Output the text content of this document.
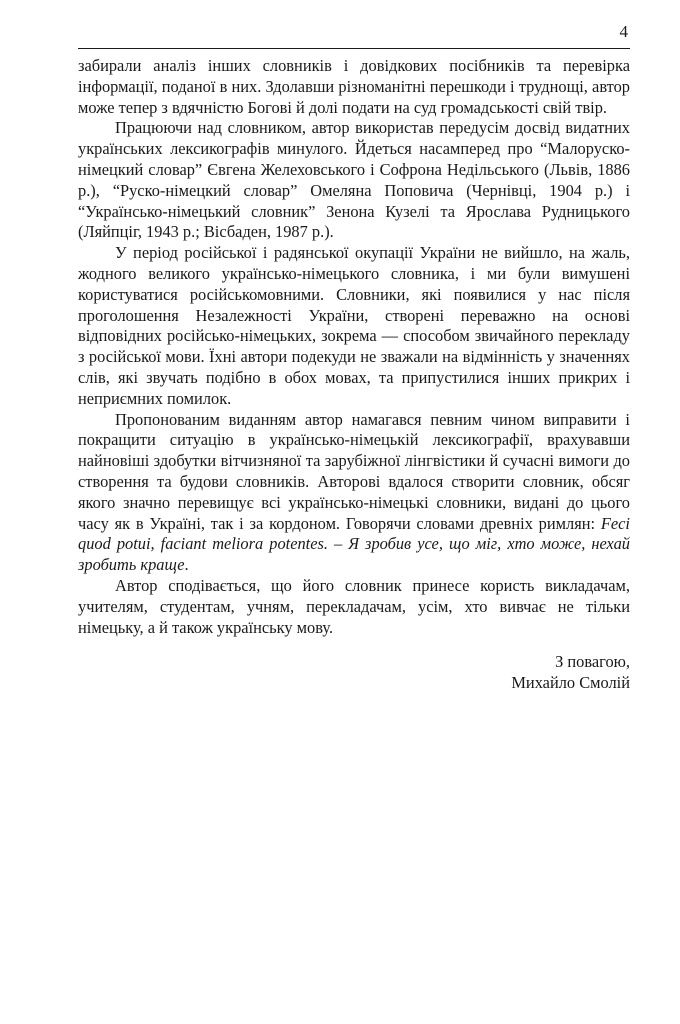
4

забирали аналіз інших словників і довідкових посібників та перевірка інформації, поданої в них. Здолавши різноманітні перешкоди і труднощі, автор може тепер з вдячністю Богові й долі подати на суд громадськості свій твір.

Працюючи над словником, автор використав передусім досвід видатних українських лексикографів минулого. Йдеться насамперед про “Малоруско-німецкий словар” Євгена Желеховського і Софрона Недільського (Львів, 1886 р.), “Руско-німецкий словар” Омеляна Поповича (Чернівці, 1904 р.) і “Українсько-німецький словник” Зенона Кузелі та Ярослава Рудницького (Ляйпціг, 1943 р.; Вісбаден, 1987 р.).

У період російської і радянської окупації України не вийшло, на жаль, жодного великого українсько-німецького словника, і ми були вимушені користуватися російськомовними. Словники, які появилися у нас після проголошення Незалежності України, створені переважно на основі відповідних російсько-німецьких, зокрема — способом звичайного перекладу з російської мови. Їхні автори подекуди не зважали на відмінність у значеннях слів, які звучать подібно в обох мовах, та припустилися інших прикрих і неприємних помилок.

Пропонованим виданням автор намагався певним чином виправити і покращити ситуацію в українсько-німецькій лексикографії, врахувавши найновіші здобутки вітчизняної та зарубіжної лінгвістики й сучасні вимоги до створення та будови словників. Авторові вдалося створити словник, обсяг якого значно перевищує всі українсько-німецькі словники, видані до цього часу як в Україні, так і за кордоном. Говорячи словами древніх римлян: Feci quod potui, faciant meliora potentes. – Я зробив усе, що міг, хто може, нехай зробить краще.

Автор сподівається, що його словник принесе користь викладачам, учителям, студентам, учням, перекладачам, усім, хто вивчає не тільки німецьку, а й також українську мову.

З повагою,
Михайло Смолій
